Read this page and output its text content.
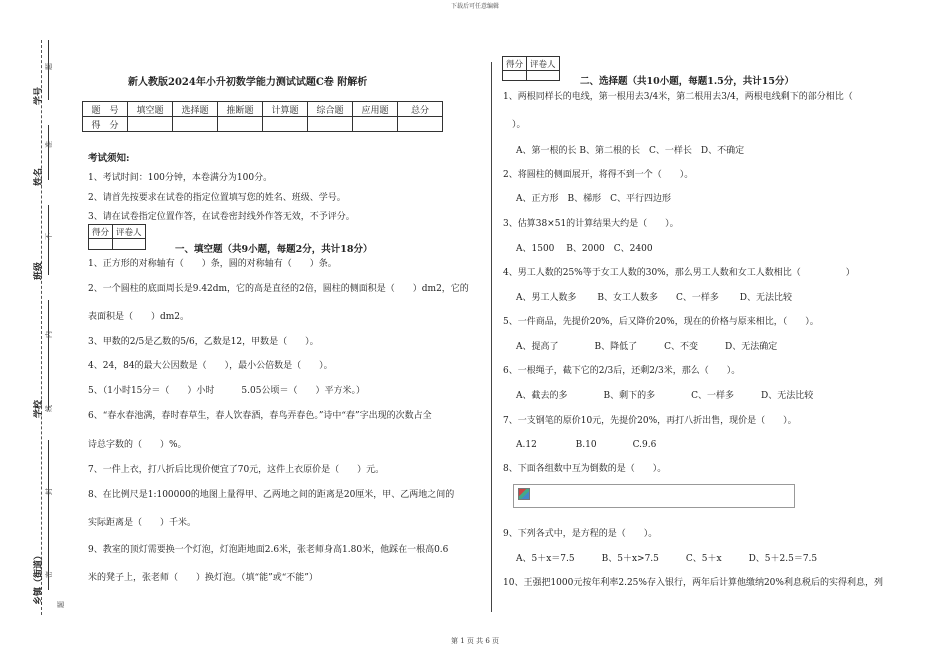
下载后可任意编辑
第 1 页 共 6 页
学号
姓名
班级
学校
乡镇（街道）
题
准
不
内
线
封
密
题
新人教版2024年小升初数学能力测试试题C卷 附解析
题　号	填空题	选择题	推断题	计算题	综合题	应用题	总分
得　分							
考试须知:
1、考试时间：100分钟，本卷满分为100分。
2、请首先按要求在试卷的指定位置填写您的姓名、班级、学号。
3、请在试卷指定位置作答，在试卷密封线外作答无效，不予评分。
得分	评卷人

一、填空题（共9小题，每题2分，共计18分）
1、正方形的对称轴有（　　）条，圆的对称轴有（　　）条。
2、一个圆柱的底面周长是9.42dm，它的高是直径的2倍，圆柱的侧面积是（　　）dm2，它的
表面积是（　　）dm2。
3、甲数的2/5是乙数的5/6，乙数是12，甲数是（　　）。
4、24，84的最大公因数是（　　），最小公倍数是（　　）。
5、（1小时15分＝（　　）小时　　　5.05公顷＝（　　）平方米。）
6、“春水春池满，春时春草生，春人饮春酒，春鸟弄春色。”诗中“春”字出现的次数占全
诗总字数的（　　）%。
7、一件上衣，打八折后比现价便宜了70元，这件上衣原价是（　　）元。
8、在比例尺是1:100000的地图上量得甲、乙两地之间的距离是20厘米，甲、乙两地之间的
实际距离是（　　）千米。
9、教室的顶灯需要换一个灯泡，灯泡距地面2.6米，张老师身高1.80米，他踩在一根高0.6
米的凳子上，张老师（　　）换灯泡。（填“能”或“不能”）
得分	评卷人

二、选择题（共10小题，每题1.5分，共计15分）
1、两根同样长的电线，第一根用去3/4米，第二根用去3/4，两根电线剩下的部分相比（
）。
A、第一根的长 B、第二根的长　C、一样长　D、不确定
2、将圆柱的侧面展开，将得不到一个（　　）。
A、正方形　B、梯形　C、平行四边形
3、估算38×51的计算结果大约是（　　）。
A、1500　 B、2000　C、2400
4、男工人数的25%等于女工人数的30%，那么男工人数和女工人数相比（　　　　　）
A、男工人数多　　 B、女工人数多　　C、一样多　　 D、无法比较
5、一件商品，先提价20%，后又降价20%，现在的价格与原来相比，（　　）。
A、提高了　　　　B、降低了　　　C、不变　　　D、无法确定
6、一根绳子，截下它的2/3后，还剩2/3米，那么（　　）。
A、截去的多　　　　B、剩下的多　　　　C、一样多　　　D、无法比较
7、一支钢笔的原价10元，先提价20%，再打八折出售，现价是（　　）。
A.12　　　　 B.10　　　　C.9.6
8、下面各组数中互为倒数的是（　　）。
9、下列各式中，是方程的是（　　）。
A、5＋x＝7.5　　　B、5＋x>7.5　　　C、5＋x　　　D、5＋2.5＝7.5
10、王强把1000元按年利率2.25%存入银行，两年后计算他缴纳20%利息税后的实得利息，列
